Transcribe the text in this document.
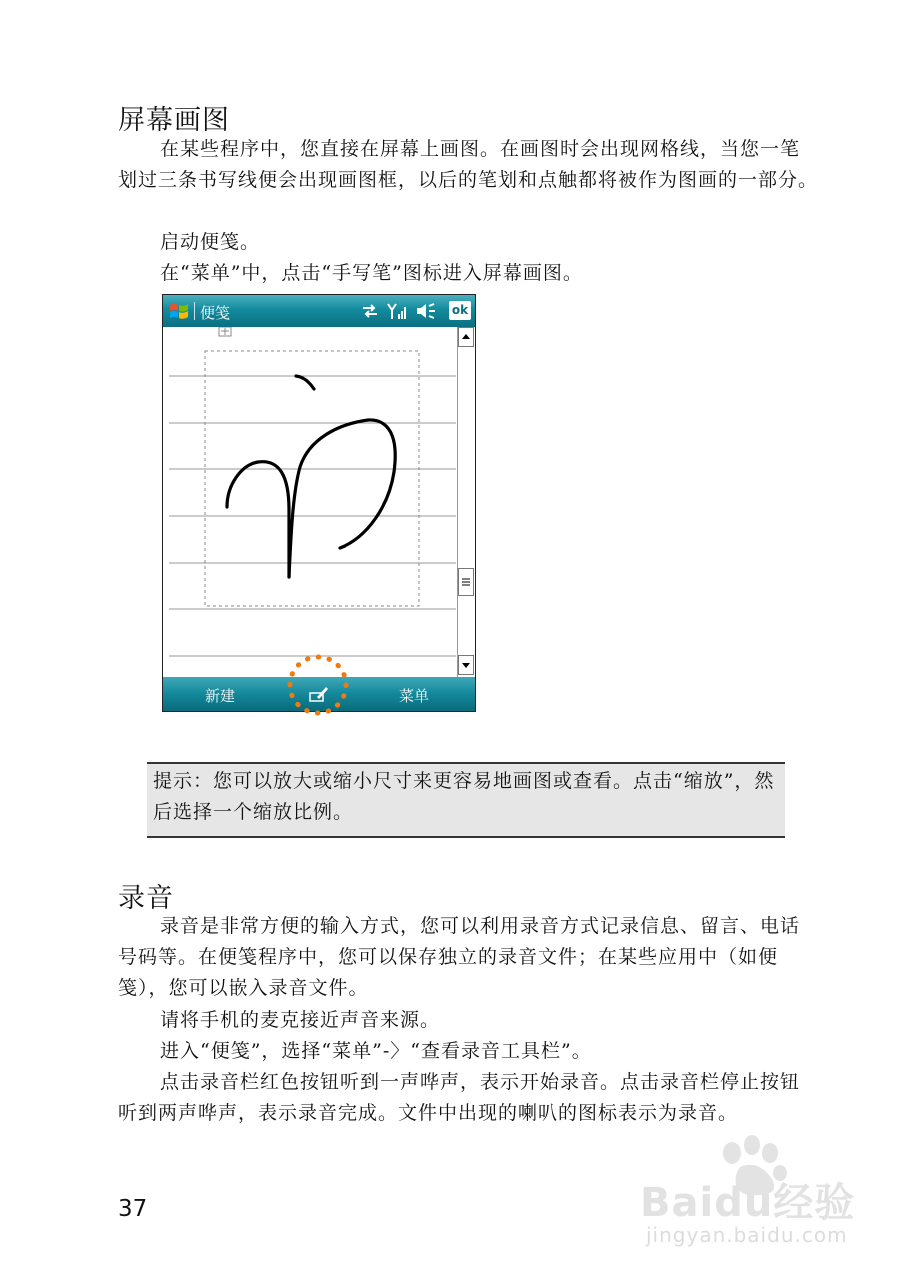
屏幕画图
在某些程序中，您直接在屏幕上画图。在画图时会出现网格线，当您一笔划过三条书写线便会出现画图框，以后的笔划和点触都将被作为图画的一部分。
启动便笺。
在“菜单”中，点击“手写笔”图标进入屏幕画图。
便笺	ok
新建	菜单

提示：您可以放大或缩小尺寸来更容易地画图或查看。点击“缩放”，然后选择一个缩放比例。

录音
录音是非常方便的输入方式，您可以利用录音方式记录信息、留言、电话号码等。在便笺程序中，您可以保存独立的录音文件；在某些应用中（如便笺），您可以嵌入录音文件。
请将手机的麦克接近声音来源。
进入“便笺”，选择“菜单”-〉“查看录音工具栏”。
点击录音栏红色按钮听到一声哗声，表示开始录音。点击录音栏停止按钮听到两声哗声，表示录音完成。文件中出现的喇叭的图标表示为录音。
37	Baidu经验
jingyan.baidu.com
